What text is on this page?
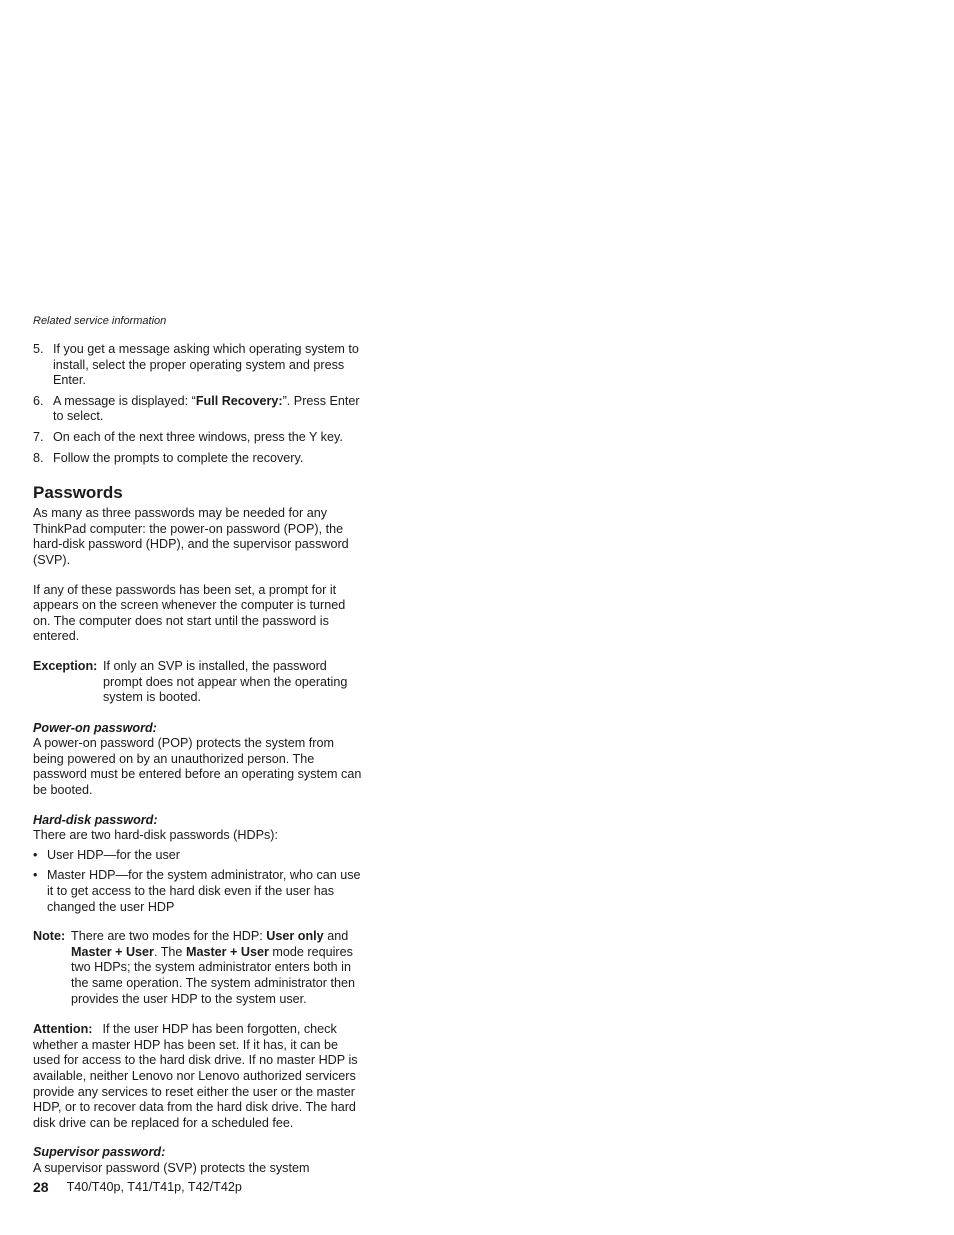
Related service information
5. If you get a message asking which operating system to install, select the proper operating system and press Enter.
6. A message is displayed: “Full Recovery:”. Press Enter to select.
7. On each of the next three windows, press the Y key.
8. Follow the prompts to complete the recovery.
Passwords

As many as three passwords may be needed for any ThinkPad computer: the power-on password (POP), the hard-disk password (HDP), and the supervisor password (SVP).

If any of these passwords has been set, a prompt for it appears on the screen whenever the computer is turned on. The computer does not start until the password is entered.

Exception: If only an SVP is installed, the password prompt does not appear when the operating system is booted.
Power-on password:

A power-on password (POP) protects the system from being powered on by an unauthorized person. The password must be entered before an operating system can be booted.

Hard-disk password:
There are two hard-disk passwords (HDPs):
• User HDP—for the user
• Master HDP—for the system administrator, who can use it to get access to the hard disk even if the user has changed the user HDP
Note: There are two modes for the HDP: User only and Master + User. The Master + User mode requires two HDPs; the system administrator enters both in the same operation. The system administrator then provides the user HDP to the system user.

Attention: If the user HDP has been forgotten, check whether a master HDP has been set. If it has, it can be used for access to the hard disk drive. If no master HDP is available, neither Lenovo nor Lenovo authorized servicers provide any services to reset either the user or the master HDP, or to recover data from the hard disk drive. The hard disk drive can be replaced for a scheduled fee.

Supervisor password:
A supervisor password (SVP) protects the system
28 T40/T40p, T41/T41p, T42/T42p
